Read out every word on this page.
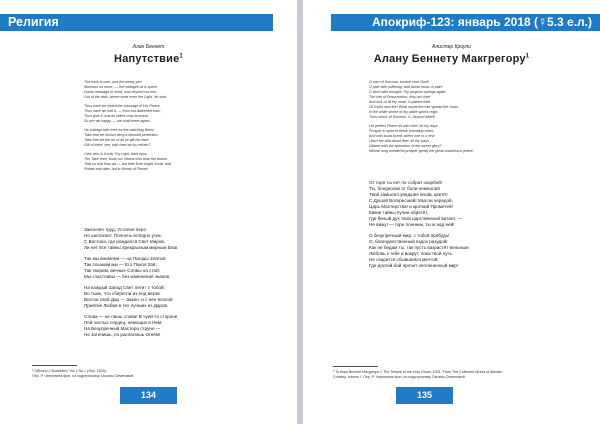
Религия
Алан Беннет
Напутствие$^1$
The work is over, and the weary pen
Murmurs no more, — the midnight oil is spent;
Dumb message of mind, now beyond our ken,
Out of the dark, where ends even the Light, 'tis sent.
Thus have we heard the message of His Peace,
Thus have we told it, — from out darkened ears;
Thus give it, that its ciders may increase,
So are we happy, — we shall meet again!
He cuttings with thee for the watching Word,
Take that we foolish deny a blessed perfection
Take that we the do of all ye gift the best;
Gift of thine, see, with thee as thy refrain?
Ours who is it only Thy Light, dark eyes,
The Take thee, thats our Hearts who bear the blame.
Tells us that thou art — the thee Ever bright Souls, and
Rotate and after, but in Words of Flame!
Закончен труд. Усталое перо
Не шелохнет. Полночь вглядно утих.
С Востока, где рождался Свет Миров,
Ли нет все тайны прекрасным мирным Благ.
Так мы внемлем — на Пагоды Златой;
Так слышим мы — Его Покоя Зов;
Так творим, вечные Словы на стой:
Мы счастливы — без изменения знаков.
На каждый Запад Свет летит с тобой;
Во тьме, что сберегли из-под веков
Восток свой Дар — Закон, и с нее вселой
Приятие Любви в тех лучших из Даров.
Слова — не лишь слова! В чуей-то стороне
Пой чистых сердец, немощих в Нём:
На Безупречный Мастера струне —
Не затенишь, но распалишь Огнём!
¹ Обычно // Buddhism, Vol 1 No 1 (Sep. 1903).
Пер. Р. Чернятина фон, по подстрочнику Оксаны Семеновой.
134
Апокриф-123: январь 2018 (☿5.3 е.л.)
Алистер Кроули
Алану Беннету Макгрегору$^1$
O men of Sorrows: brother unto Grief!
O pale with suffering, and dumb hours of pain!
O worn with thought! Thy purpose springs again!
The lute of Resurrection: thou art chief
And sick of all thy mind: O patient thief
Of God's own fire! What mysteries can spread the chain
In the white shrine of thy white spirit's reign,
Thou mirror of Sorrows: O, beyond belief!
Let perfect Peace be with thee: let thy days
Prosper in spite of these unending woes;
And with souls loved, select one in a new
Upon the wild aloud thee: till thy ways
Glisten with the splendour of the sweet glory?
Whose long wonderful prosper gently the great unanimous peace.
От горя ты нет по собрат скорбей!
Ты, бледнолик от боли немногой!
Твой замысел увядшее вновь цветёт
С Душой Воскресшей! Мысли чередой,
Царь Мастерства! и кроткий Прометей!
Какие тайны пучин обретёт,
Где белый дух твой царственный витает, —
Не вижу! — горе пленник, ты ж над ней!
О безупречный мир, с тобой пребудь!
О, благодеяственный вздох разудой!
Как не бедам ты, так пусть вазрастёт вельным
Любовь к тебе и вокруг; пока твой путь
Не озарится сбывшейся мечтой;
Где долгий бой прочит неплененный мир!
¹ To Allan Bennett Macgregor // The Temple of the Holy Ghost, 1901. From The Collected Works of Aleister
Crowley, volume I. Пер. Р. Чернятина фон, по подстрочнику Оксаны Семеновой.
135
